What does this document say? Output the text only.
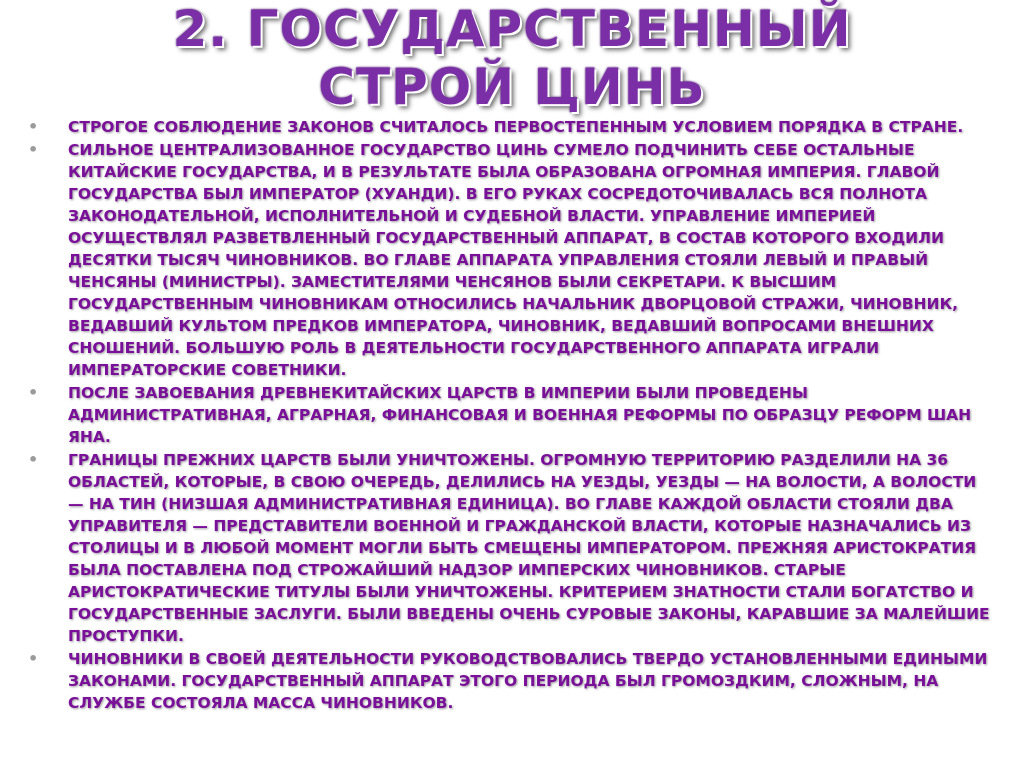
2. ГОСУДАРСТВЕННЫЙ
СТРОЙ ЦИНЬ
• СТРОГОЕ СОБЛЮДЕНИЕ ЗАКОНОВ СЧИТАЛОСЬ ПЕРВОСТЕПЕННЫМ УСЛОВИЕМ ПОРЯДКА В СТРАНЕ.
• СИЛЬНОЕ ЦЕНТРАЛИЗОВАННОЕ ГОСУДАРСТВО ЦИНЬ СУМЕЛО ПОДЧИНИТЬ СЕБЕ ОСТАЛЬНЫЕ КИТАЙСКИЕ ГОСУДАРСТВА, И В РЕЗУЛЬТАТЕ БЫЛА ОБРАЗОВАНА ОГРОМНАЯ ИМПЕРИЯ. ГЛАВОЙ ГОСУДАРСТВА БЫЛ ИМПЕРАТОР (ХУАНДИ). В ЕГО РУКАХ СОСРЕДОТОЧИВАЛАСЬ ВСЯ ПОЛНОТА ЗАКОНОДАТЕЛЬНОЙ, ИСПОЛНИТЕЛЬНОЙ И СУДЕБНОЙ ВЛАСТИ. УПРАВЛЕНИЕ ИМПЕРИЕЙ ОСУЩЕСТВЛЯЛ РАЗВЕТВЛЕННЫЙ ГОСУДАРСТВЕННЫЙ АППАРАТ, В СОСТАВ КОТОРОГО ВХОДИЛИ ДЕСЯТКИ ТЫСЯЧ ЧИНОВНИКОВ. ВО ГЛАВЕ АППАРАТА УПРАВЛЕНИЯ СТОЯЛИ ЛЕВЫЙ И ПРАВЫЙ ЧЕНСЯНЫ (МИНИСТРЫ). ЗАМЕСТИТЕЛЯМИ ЧЕНСЯНОВ БЫЛИ СЕКРЕТАРИ. К ВЫСШИМ ГОСУДАРСТВЕННЫМ ЧИНОВНИКАМ ОТНОСИЛИСЬ НАЧАЛЬНИК ДВОРЦОВОЙ СТРАЖИ, ЧИНОВНИК, ВЕДАВШИЙ КУЛЬТОМ ПРЕДКОВ ИМПЕРАТОРА, ЧИНОВНИК, ВЕДАВШИЙ ВОПРОСАМИ ВНЕШНИХ СНОШЕНИЙ. БОЛЬШУЮ РОЛЬ В ДЕЯТЕЛЬНОСТИ ГОСУДАРСТВЕННОГО АППАРАТА ИГРАЛИ ИМПЕРАТОРСКИЕ СОВЕТНИКИ.
• ПОСЛЕ ЗАВОЕВАНИЯ ДРЕВНЕКИТАЙСКИХ ЦАРСТВ В ИМПЕРИИ БЫЛИ ПРОВЕДЕНЫ АДМИНИСТРАТИВНАЯ, АГРАРНАЯ, ФИНАНСОВАЯ И ВОЕННАЯ РЕФОРМЫ ПО ОБРАЗЦУ РЕФОРМ ШАН ЯНА.
• ГРАНИЦЫ ПРЕЖНИХ ЦАРСТВ БЫЛИ УНИЧТОЖЕНЫ. ОГРОМНУЮ ТЕРРИТОРИЮ РАЗДЕЛИЛИ НА 36 ОБЛАСТЕЙ, КОТОРЫЕ, В СВОЮ ОЧЕРЕДЬ, ДЕЛИЛИСЬ НА УЕЗДЫ, УЕЗДЫ — НА ВОЛОСТИ, А ВОЛОСТИ — НА ТИН (НИЗШАЯ АДМИНИСТРАТИВНАЯ ЕДИНИЦА). ВО ГЛАВЕ КАЖДОЙ ОБЛАСТИ СТОЯЛИ ДВА УПРАВИТЕЛЯ — ПРЕДСТАВИТЕЛИ ВОЕННОЙ И ГРАЖДАНСКОЙ ВЛАСТИ, КОТОРЫЕ НАЗНАЧАЛИСЬ ИЗ СТОЛИЦЫ И В ЛЮБОЙ МОМЕНТ МОГЛИ БЫТЬ СМЕЩЕНЫ ИМПЕРАТОРОМ. ПРЕЖНЯЯ АРИСТОКРАТИЯ БЫЛА ПОСТАВЛЕНА ПОД СТРОЖАЙШИЙ НАДЗОР ИМПЕРСКИХ ЧИНОВНИКОВ. СТАРЫЕ АРИСТОКРАТИЧЕСКИЕ ТИТУЛЫ БЫЛИ УНИЧТОЖЕНЫ. КРИТЕРИЕМ ЗНАТНОСТИ СТАЛИ БОГАТСТВО И ГОСУДАРСТВЕННЫЕ ЗАСЛУГИ. БЫЛИ ВВЕДЕНЫ ОЧЕНЬ СУРОВЫЕ ЗАКОНЫ, КАРАВШИЕ ЗА МАЛЕЙШИЕ ПРОСТУПКИ.
• ЧИНОВНИКИ В СВОЕЙ ДЕЯТЕЛЬНОСТИ РУКОВОДСТВОВАЛИСЬ ТВЕРДО УСТАНОВЛЕННЫМИ ЕДИНЫМИ ЗАКОНАМИ. ГОСУДАРСТВЕННЫЙ АППАРАТ ЭТОГО ПЕРИОДА БЫЛ ГРОМОЗДКИМ, СЛОЖНЫМ, НА СЛУЖБЕ СОСТОЯЛА МАССА ЧИНОВНИКОВ.
